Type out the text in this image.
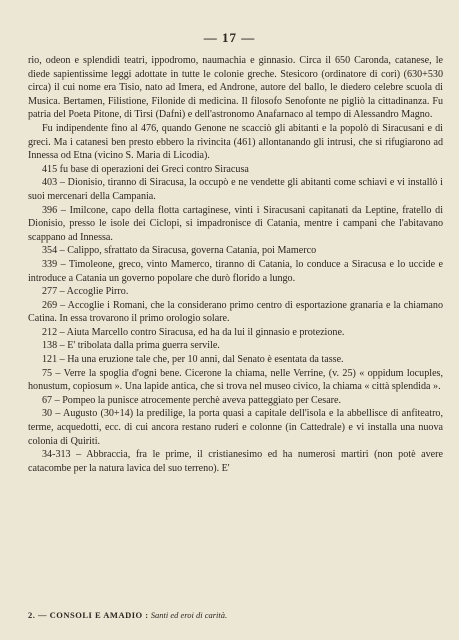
— 17 —

rio, odeon e splendidi teatri, ippodromo, naumachia e ginnasio. Circa il 650 Caronda, catanese, le diede sapientissime leggi adottate in tutte le colonie greche. Stesicoro (ordinatore di cori) (630+530 circa) il cui nome era Tisio, nato ad Imera, ed Androne, autore del ballo, le diedero celebre scuola di Musica. Bertamen, Filistione, Filonide di medicina. Il filosofo Senofonte ne pigliò la cittadinanza. Fu patria del Poeta Pitone, di Tirsi (Dafni) e dell'astronomo Anafarnaco al tempo di Alessandro Magno.

Fu indipendente fino al 476, quando Genone ne scacciò gli abitanti e la popolò di Siracusani e di greci. Ma i catanesi ben presto ebbero la rivincita (461) allontanando gli intrusi, che si rifugiarono ad Innessa od Etna (vicino S. Maria di Licodia).

415 fu base di operazioni dei Greci contro Siracusa

403 – Dionisio, tiranno di Siracusa, la occupò e ne vendette gli abitanti come schiavi e vi installò i suoi mercenari della Campania.

396 – Imilcone, capo della flotta cartaginese, vinti i Siracusani capitanati da Leptine, fratello di Dionisio, presso le isole dei Ciclopi, si impadronisce di Catania, mentre i campani che l'abitavano scappano ad Innessa.

354 – Calippo, sfrattato da Siracusa, governa Catania, poi Mamerco

339 – Timoleone, greco, vinto Mamerco, tiranno di Catania, lo conduce a Siracusa e lo uccide e introduce a Catania un governo popolare che durò florido a lungo.

277 – Accoglie Pirro.

269 – Accoglie i Romani, che la considerano primo centro di esportazione granaria e la chiamano Catina. In essa trovarono il primo orologio solare.

212 – Aiuta Marcello contro Siracusa, ed ha da lui il ginnasio e protezione.

138 – E' tribolata dalla prima guerra servile.

121 – Ha una eruzione tale che, per 10 anni, dal Senato è esentata da tasse.

75 – Verre la spoglia d'ogni bene. Cicerone la chiama, nelle Verrine, (v. 25) « oppidum locuples, honustum, copiosum ». Una lapide antica, che si trova nel museo civico, la chiama « città splendida ».

67 – Pompeo la punisce atrocemente perchè aveva patteggiato per Cesare.

30 – Augusto (30+14) la predilige, la porta quasi a capitale dell'isola e la abbellisce di anfiteatro, terme, acquedotti, ecc. di cui ancora restano ruderi e colonne (in Cattedrale) e vi installa una nuova colonia di Quiriti.

34-313 – Abbraccia, fra le prime, il cristianesimo ed ha numerosi martiri (non potè avere catacombe per la natura lavica del suo terreno). E'

2. — CONSOLI E AMADIO : Santi ed eroi di carità.
